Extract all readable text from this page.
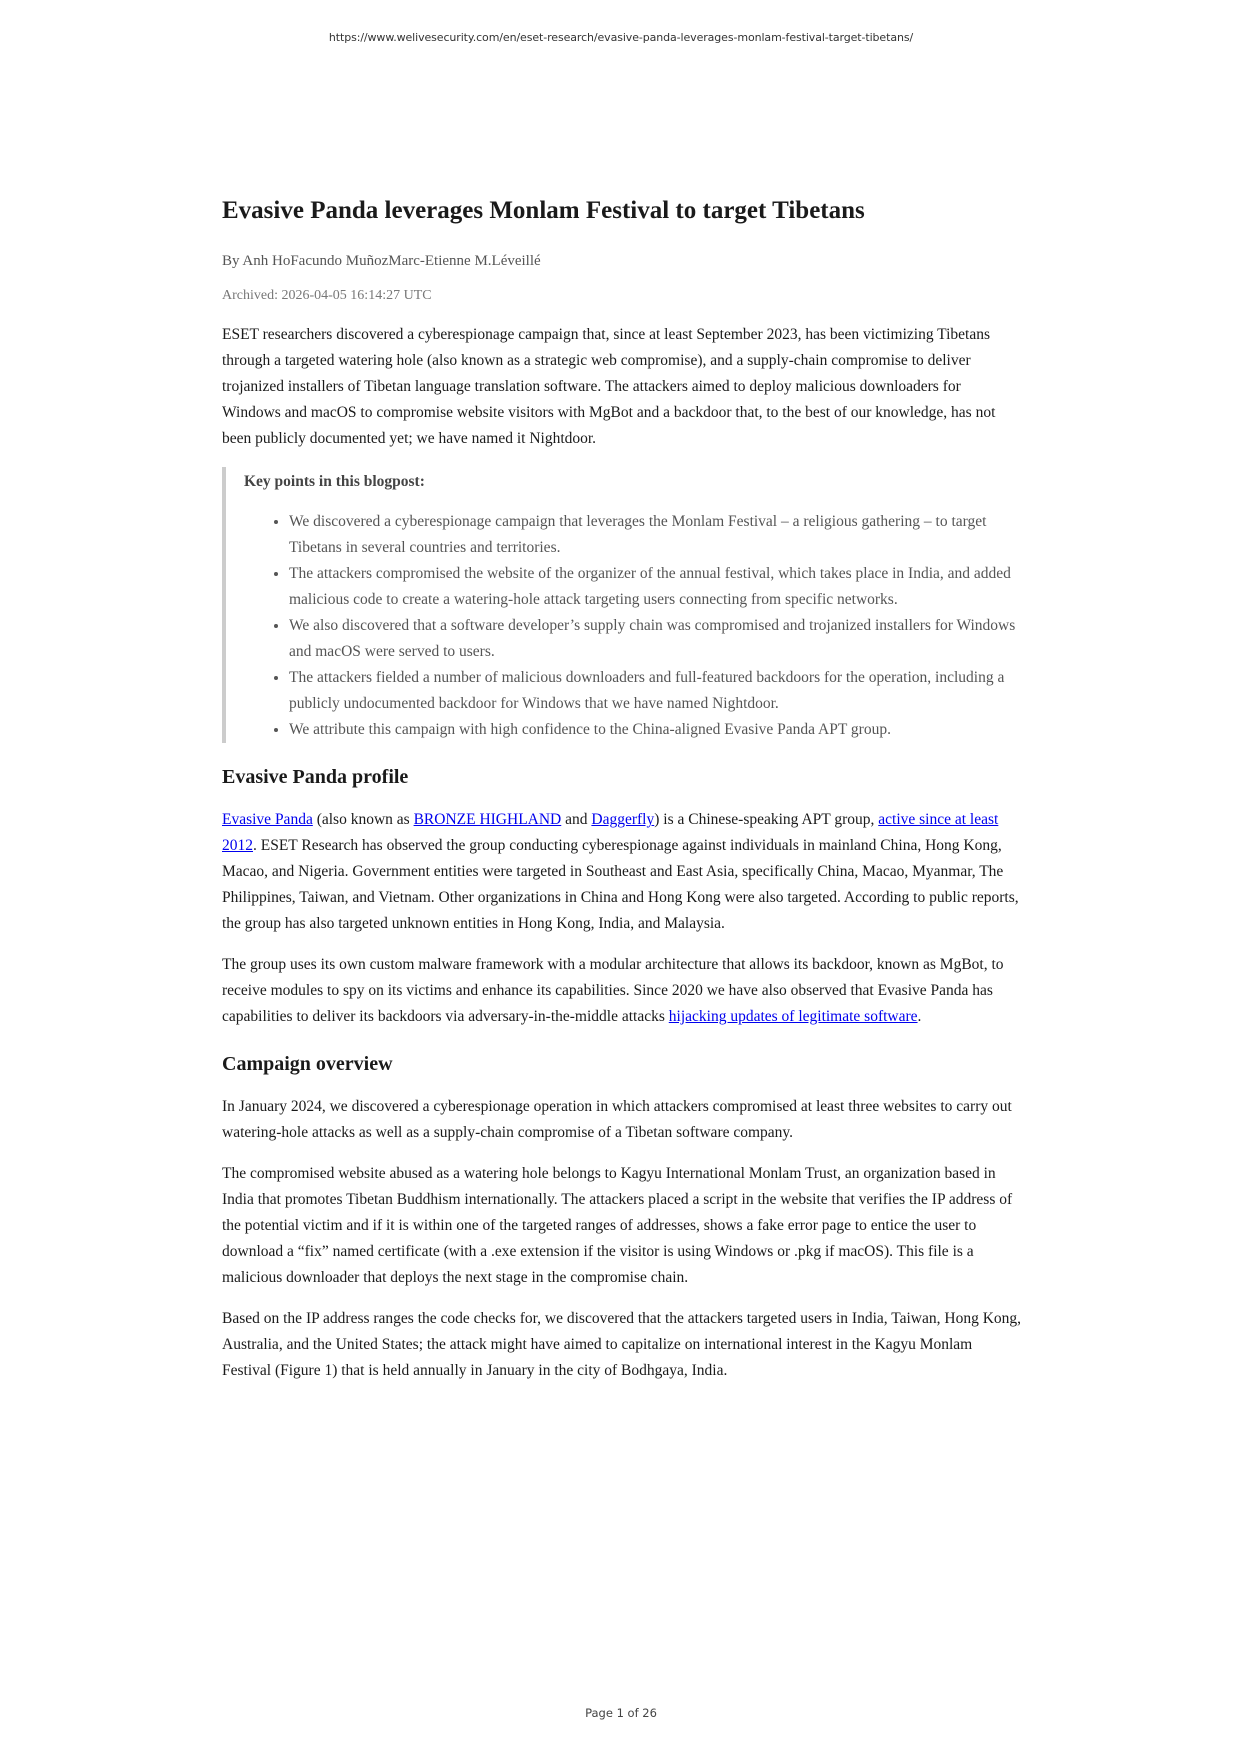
https://www.welivesecurity.com/en/eset-research/evasive-panda-leverages-monlam-festival-target-tibetans/
Evasive Panda leverages Monlam Festival to target Tibetans
By Anh HoFacundo MuñozMarc-Etienne M.Léveillé
Archived: 2026-04-05 16:14:27 UTC

ESET researchers discovered a cyberespionage campaign that, since at least September 2023, has been victimizing Tibetans through a targeted watering hole (also known as a strategic web compromise), and a supply-chain compromise to deliver trojanized installers of Tibetan language translation software. The attackers aimed to deploy malicious downloaders for Windows and macOS to compromise website visitors with MgBot and a backdoor that, to the best of our knowledge, has not been publicly documented yet; we have named it Nightdoor.

Key points in this blogpost:
• We discovered a cyberespionage campaign that leverages the Monlam Festival – a religious gathering – to target Tibetans in several countries and territories.
• The attackers compromised the website of the organizer of the annual festival, which takes place in India, and added malicious code to create a watering-hole attack targeting users connecting from specific networks.
• We also discovered that a software developer’s supply chain was compromised and trojanized installers for Windows and macOS were served to users.
• The attackers fielded a number of malicious downloaders and full-featured backdoors for the operation, including a publicly undocumented backdoor for Windows that we have named Nightdoor.
• We attribute this campaign with high confidence to the China-aligned Evasive Panda APT group.
Evasive Panda profile

Evasive Panda (also known as BRONZE HIGHLAND and Daggerfly) is a Chinese-speaking APT group, active since at least 2012. ESET Research has observed the group conducting cyberespionage against individuals in mainland China, Hong Kong, Macao, and Nigeria. Government entities were targeted in Southeast and East Asia, specifically China, Macao, Myanmar, The Philippines, Taiwan, and Vietnam. Other organizations in China and Hong Kong were also targeted. According to public reports, the group has also targeted unknown entities in Hong Kong, India, and Malaysia.

The group uses its own custom malware framework with a modular architecture that allows its backdoor, known as MgBot, to receive modules to spy on its victims and enhance its capabilities. Since 2020 we have also observed that Evasive Panda has capabilities to deliver its backdoors via adversary-in-the-middle attacks hijacking updates of legitimate software.

Campaign overview

In January 2024, we discovered a cyberespionage operation in which attackers compromised at least three websites to carry out watering-hole attacks as well as a supply-chain compromise of a Tibetan software company.

The compromised website abused as a watering hole belongs to Kagyu International Monlam Trust, an organization based in India that promotes Tibetan Buddhism internationally. The attackers placed a script in the website that verifies the IP address of the potential victim and if it is within one of the targeted ranges of addresses, shows a fake error page to entice the user to download a “fix” named certificate (with a .exe extension if the visitor is using Windows or .pkg if macOS). This file is a malicious downloader that deploys the next stage in the compromise chain.

Based on the IP address ranges the code checks for, we discovered that the attackers targeted users in India, Taiwan, Hong Kong, Australia, and the United States; the attack might have aimed to capitalize on international interest in the Kagyu Monlam Festival (Figure 1) that is held annually in January in the city of Bodhgaya, India.

Page 1 of 26
